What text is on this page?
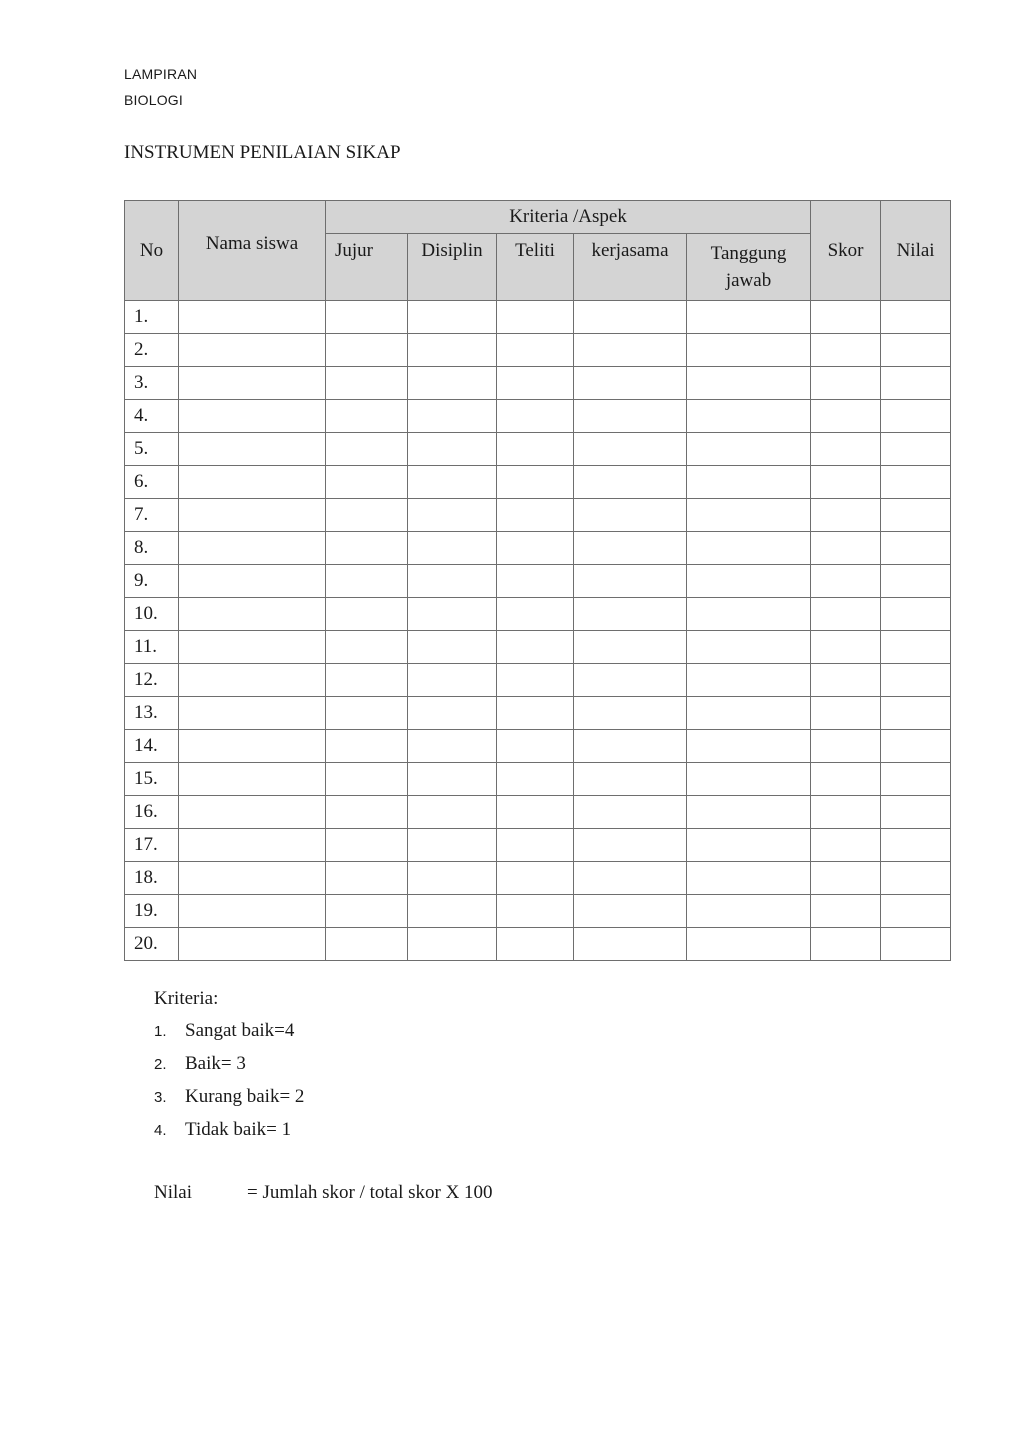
LAMPIRAN
BIOLOGI
INSTRUMEN PENILAIAN SIKAP
No	Nama siswa	Kriteria /Aspek					Skor	Nilai
		Jujur	Disiplin	Teliti	kerjasama	Tanggung jawab		
1.								
2.								
3.								
4.								
5.								
6.								
7.								
8.								
9.								
10.								
11.								
12.								
13.								
14.								
15.								
16.								
17.								
18.								
19.								
20.								
Kriteria:
1. Sangat baik=4
2. Baik= 3
3. Kurang baik= 2
4. Tidak baik= 1
Nilai	= Jumlah skor / total skor X 100
